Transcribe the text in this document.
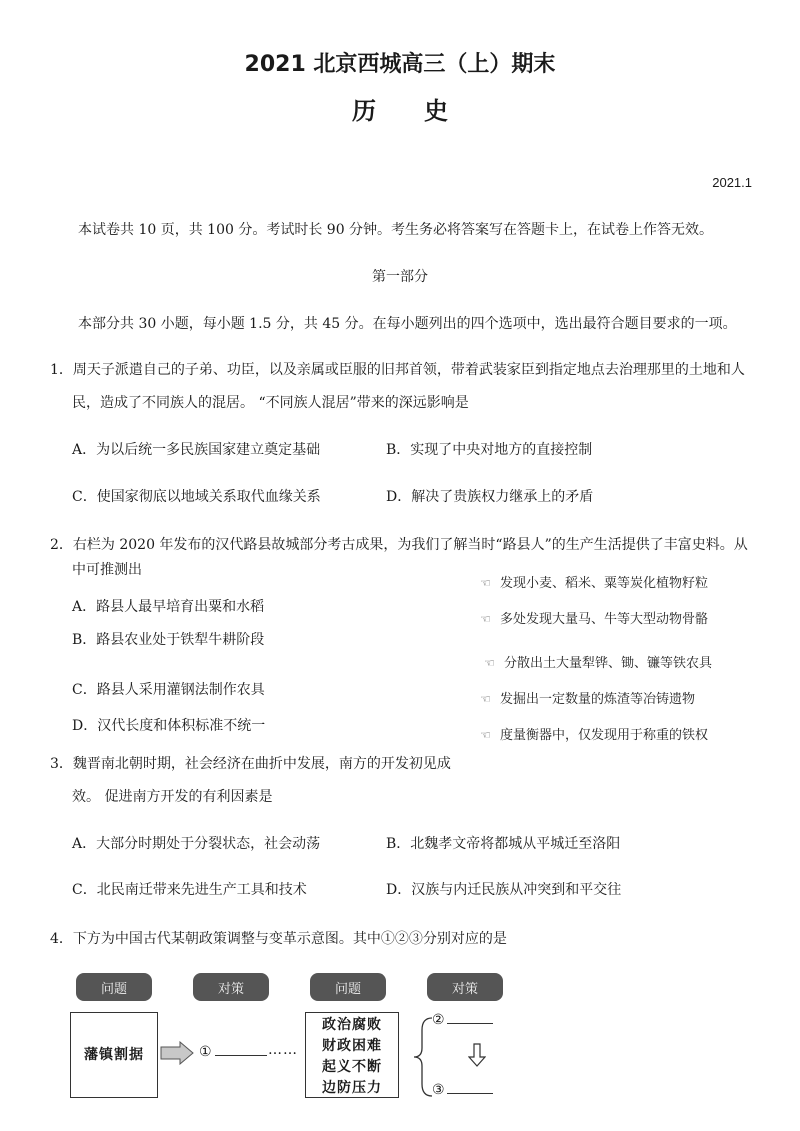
2021 北京西城高三（上）期末
历　　史
2021.1
本试卷共 10 页，共 100 分。考试时长 90 分钟。考生务必将答案写在答题卡上，在试卷上作答无效。
第一部分
本部分共 30 小题，每小题 1.5 分，共 45 分。在每小题列出的四个选项中，选出最符合题目要求的一项。
1．周天子派遣自己的子弟、功臣，以及亲属或臣服的旧邦首领，带着武装家臣到指定地点去治理那里的土地和人
民，造成了不同族人的混居。 “不同族人混居”带来的深远影响是
A．为以后统一多民族国家建立奠定基础	B．实现了中央对地方的直接控制
C．使国家彻底以地域关系取代血缘关系	D．解决了贵族权力继承上的矛盾
2．右栏为 2020 年发布的汉代路县故城部分考古成果，为我们了解当时“路县人”的生产生活提供了丰富史料。从
中可推测出
A．路县人最早培育出粟和水稻
B．路县农业处于铁犁牛耕阶段
C．路县人采用灌钢法制作农具
D．汉代长度和体积标准不统一
☜ 发现小麦、稻米、粟等炭化植物籽粒
☜ 多处发现大量马、牛等大型动物骨骼
☜ 分散出土大量犁铧、锄、镰等铁农具
☜ 发掘出一定数量的炼渣等冶铸遗物
☜ 度量衡器中，仅发现用于称重的铁权
3．魏晋南北朝时期，社会经济在曲折中发展，南方的开发初见成
效。 促进南方开发的有利因素是
A．大部分时期处于分裂状态，社会动荡	B．北魏孝文帝将都城从平城迁至洛阳
C．北民南迁带来先进生产工具和技术	D．汉族与内迁民族从冲突到和平交往
4．下方为中国古代某朝政策调整与变革示意图。其中①②③分别对应的是
问题	对策	问题	对策
藩镇割据	①	……
政治腐败
财政困难
起义不断
边防压力
②
③
